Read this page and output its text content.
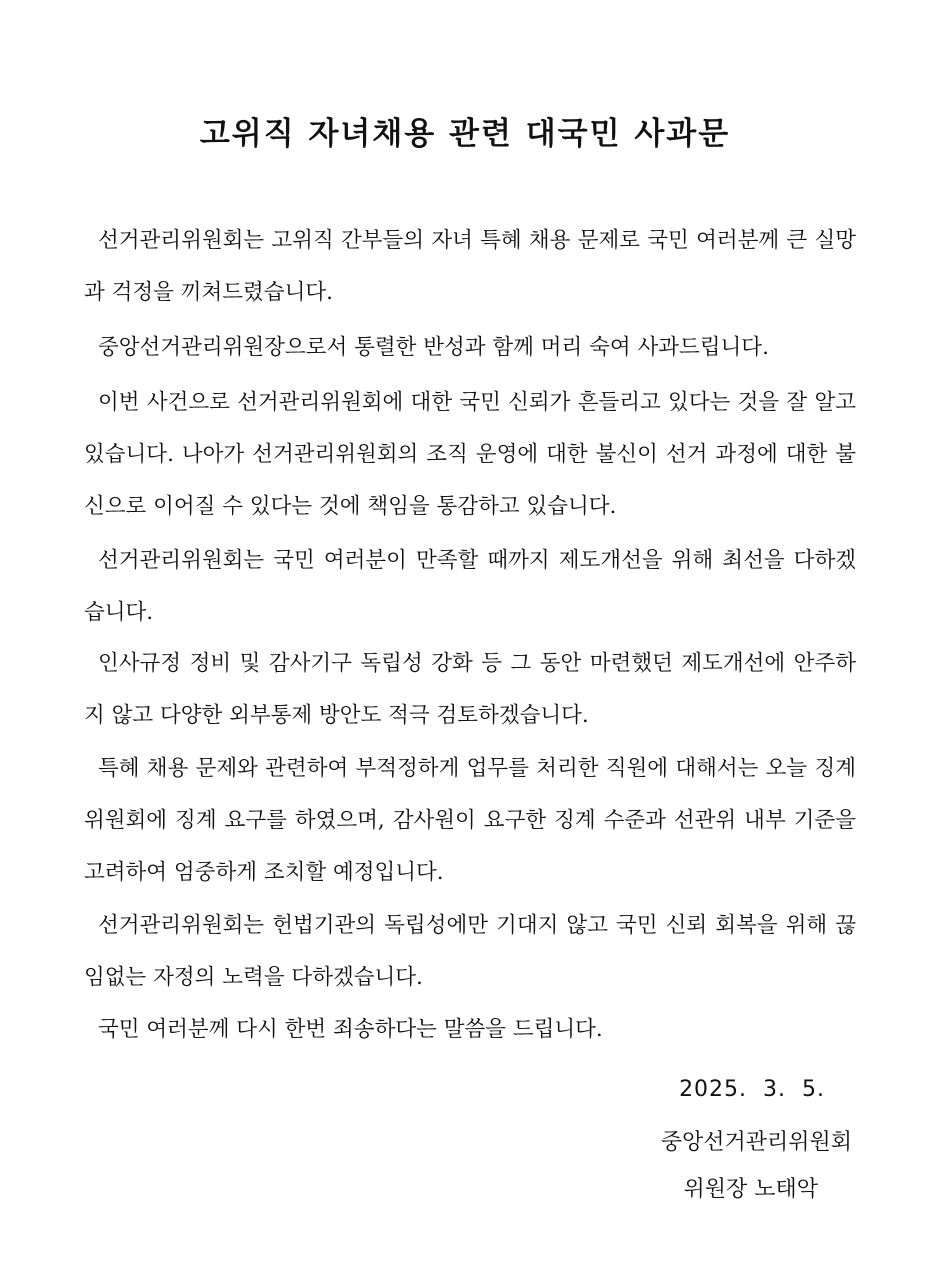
고위직 자녀채용 관련 대국민 사과문

선거관리위원회는 고위직 간부들의 자녀 특혜 채용 문제로 국민 여러분께 큰 실망과 걱정을 끼쳐드렸습니다.

중앙선거관리위원장으로서 통렬한 반성과 함께 머리 숙여 사과드립니다.

이번 사건으로 선거관리위원회에 대한 국민 신뢰가 흔들리고 있다는 것을 잘 알고 있습니다. 나아가 선거관리위원회의 조직 운영에 대한 불신이 선거 과정에 대한 불신으로 이어질 수 있다는 것에 책임을 통감하고 있습니다.

선거관리위원회는 국민 여러분이 만족할 때까지 제도개선을 위해 최선을 다하겠습니다.

인사규정 정비 및 감사기구 독립성 강화 등 그 동안 마련했던 제도개선에 안주하지 않고 다양한 외부통제 방안도 적극 검토하겠습니다.

특혜 채용 문제와 관련하여 부적정하게 업무를 처리한 직원에 대해서는 오늘 징계위원회에 징계 요구를 하였으며, 감사원이 요구한 징계 수준과 선관위 내부 기준을 고려하여 엄중하게 조치할 예정입니다.

선거관리위원회는 헌법기관의 독립성에만 기대지 않고 국민 신뢰 회복을 위해 끊임없는 자정의 노력을 다하겠습니다.

국민 여러분께 다시 한번 죄송하다는 말씀을 드립니다.

2025.  3.  5.
중앙선거관리위원회
위원장 노태악
